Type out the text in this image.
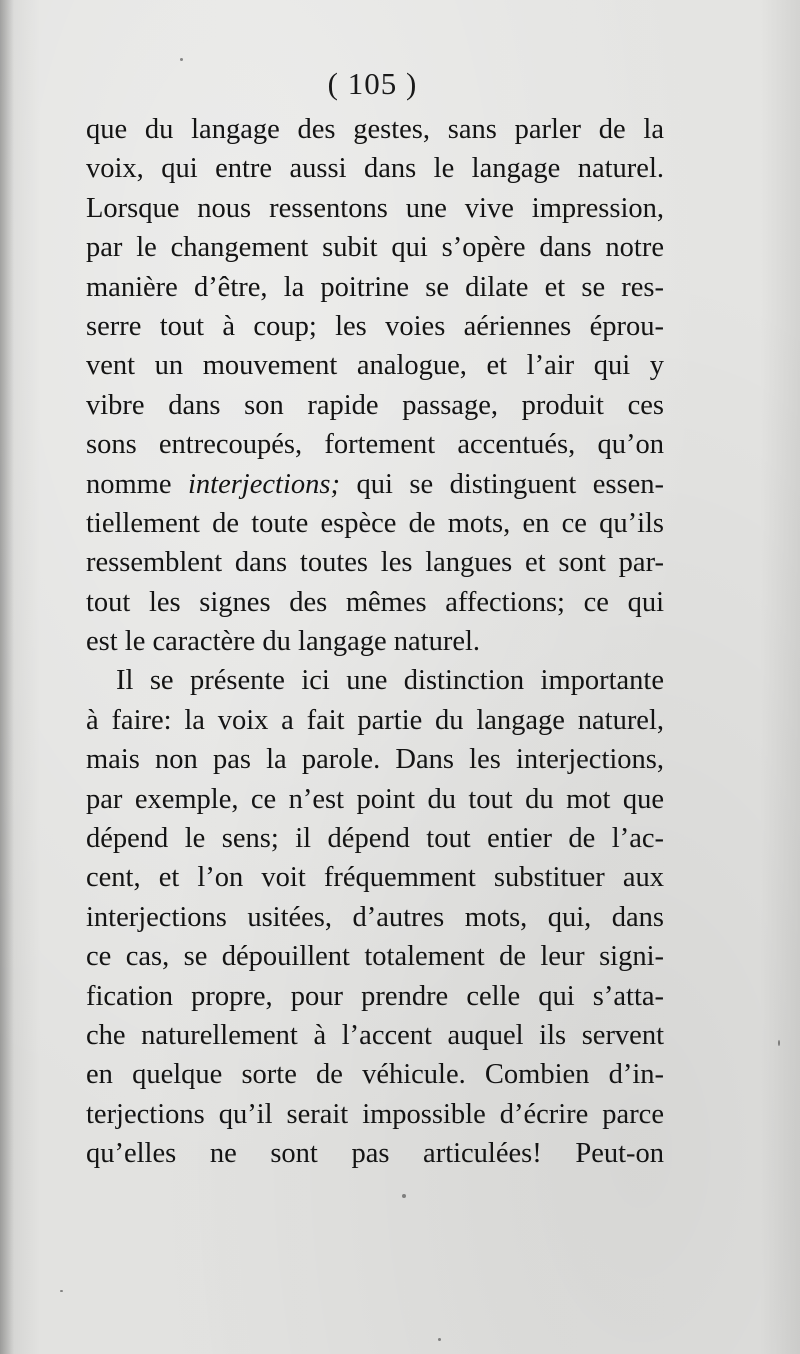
( 105 )
que du langage des gestes, sans parler de la
voix, qui entre aussi dans le langage naturel.
Lorsque nous ressentons une vive impression,
par le changement subit qui s’opère dans notre
manière d’être, la poitrine se dilate et se res-
serre tout à coup; les voies aériennes éprou-
vent un mouvement analogue, et l’air qui y
vibre dans son rapide passage, produit ces
sons entrecoupés, fortement accentués, qu’on
nomme interjections; qui se distinguent essen-
tiellement de toute espèce de mots, en ce qu’ils
ressemblent dans toutes les langues et sont par-
tout les signes des mêmes affections; ce qui
est le caractère du langage naturel.
Il se présente ici une distinction importante
à faire: la voix a fait partie du langage naturel,
mais non pas la parole. Dans les interjections,
par exemple, ce n’est point du tout du mot que
dépend le sens; il dépend tout entier de l’ac-
cent, et l’on voit fréquemment substituer aux
interjections usitées, d’autres mots, qui, dans
ce cas, se dépouillent totalement de leur signi-
fication propre, pour prendre celle qui s’atta-
che naturellement à l’accent auquel ils servent
en quelque sorte de véhicule. Combien d’in-
terjections qu’il serait impossible d’écrire parce
qu’elles ne sont pas articulées! Peut-on
